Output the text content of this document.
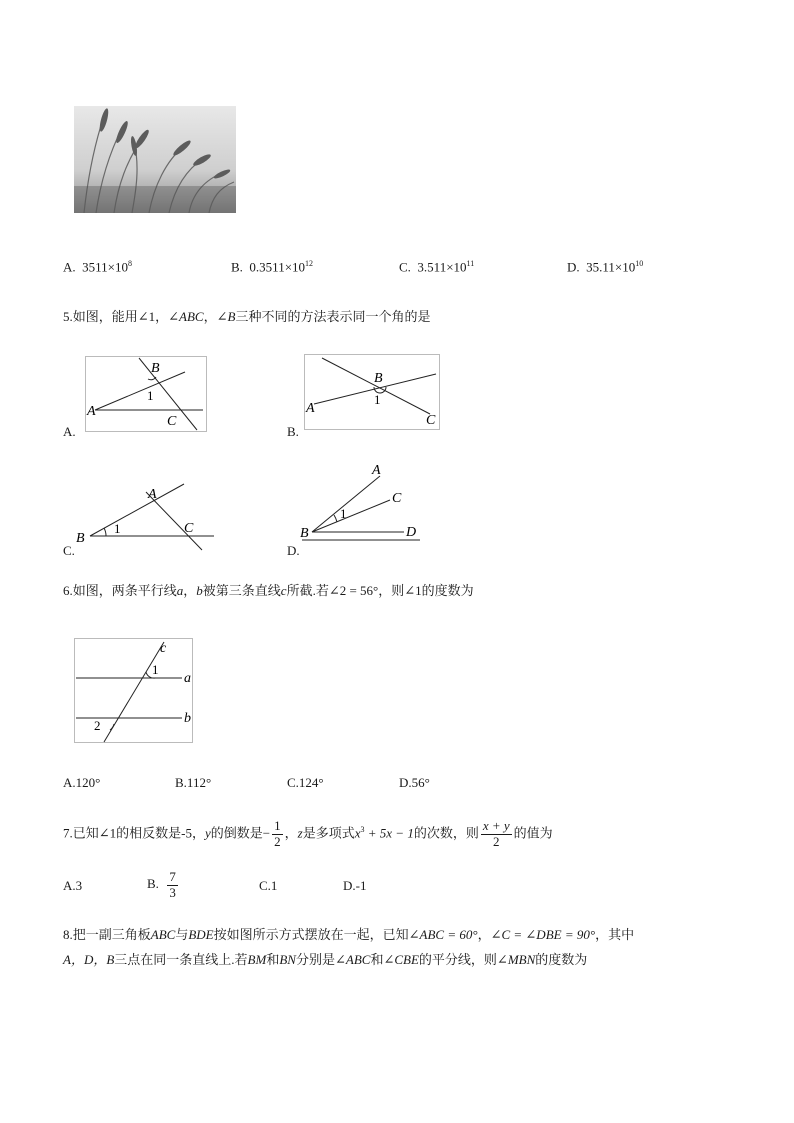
A. $3511\times 10^8$	B. $0.3511\times 10^{12}$	C. $3.511\times 10^{11}$	D. $35.11\times 10^{10}$
5.如图，能用∠1，∠ABC，∠B三种不同的方法表示同一个角的是
B
A
C
1
A.
B
A
C
1
B.
A
B
C
1
C.
A
C
B	D
1
D.
6.如图，两条平行线a，b被第三条直线c所截.若∠2 = 56°，则∠1的度数为
c
a
b
1
2
A.120°	B.112°	C.124°	D.56°
7.已知∠1的相反数是-5，y的倒数是− $\frac{1}{2}$ ，z是多项式$x^3 + 5x - 1$的次数，则 $\frac{x + y}{2}$ 的值为
A.3	B. $\frac{7}{3}$	C.1	D.-1
8.把一副三角板ABC与BDE按如图所示方式摆放在一起，已知∠ABC = 60°，∠C = ∠DBE = 90°，其中
A，D，B三点在同一条直线上.若BM和BN分别是∠ABC和∠CBE的平分线，则∠MBN的度数为
